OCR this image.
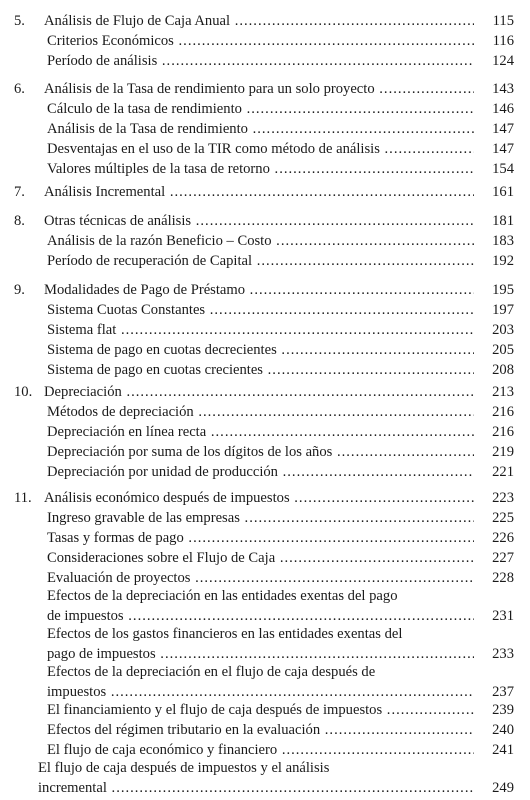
5.	Análisis de Flujo de Caja Anual .....	115
Criterios Económicos .....	116
Período de análisis .....	124
6.	Análisis de la Tasa de rendimiento para un solo proyecto .....	143
Cálculo de la tasa de rendimiento .....	146
Análisis de la Tasa de rendimiento .....	147
Desventajas en el uso de la TIR como método de análisis .....	147
Valores múltiples de la tasa de retorno .....	154
7.	Análisis Incremental .....	161
8.	Otras técnicas de análisis .....	181
Análisis de la razón Beneficio – Costo .....	183
Período de recuperación de Capital .....	192
9.	Modalidades de Pago de Préstamo .....	195
Sistema Cuotas Constantes .....	197
Sistema flat .....	203
Sistema de pago en cuotas decrecientes .....	205
Sistema de pago en cuotas crecientes .....	208
10. Depreciación .....	213
Métodos de depreciación .....	216
Depreciación en línea recta .....	216
Depreciación por suma de los dígitos de los años .....	219
Depreciación por unidad de producción .....	221
11. Análisis económico después de impuestos .....	223
Ingreso gravable de las empresas .....	225
Tasas y formas de pago .....	226
Consideraciones sobre el Flujo de Caja .....	227
Evaluación de proyectos .....	228
Efectos de la depreciación en las entidades exentas del pago
de impuestos .....	231
Efectos de los gastos financieros en las entidades exentas del
pago de impuestos .....	233
Efectos de la depreciación en el flujo de caja después de
impuestos .....	237
El financiamiento y el flujo de caja después de impuestos .....	239
Efectos del régimen tributario en la evaluación .....	240
El flujo de caja económico y financiero .....	241
El flujo de caja después de impuestos y el análisis
incremental .....	249
